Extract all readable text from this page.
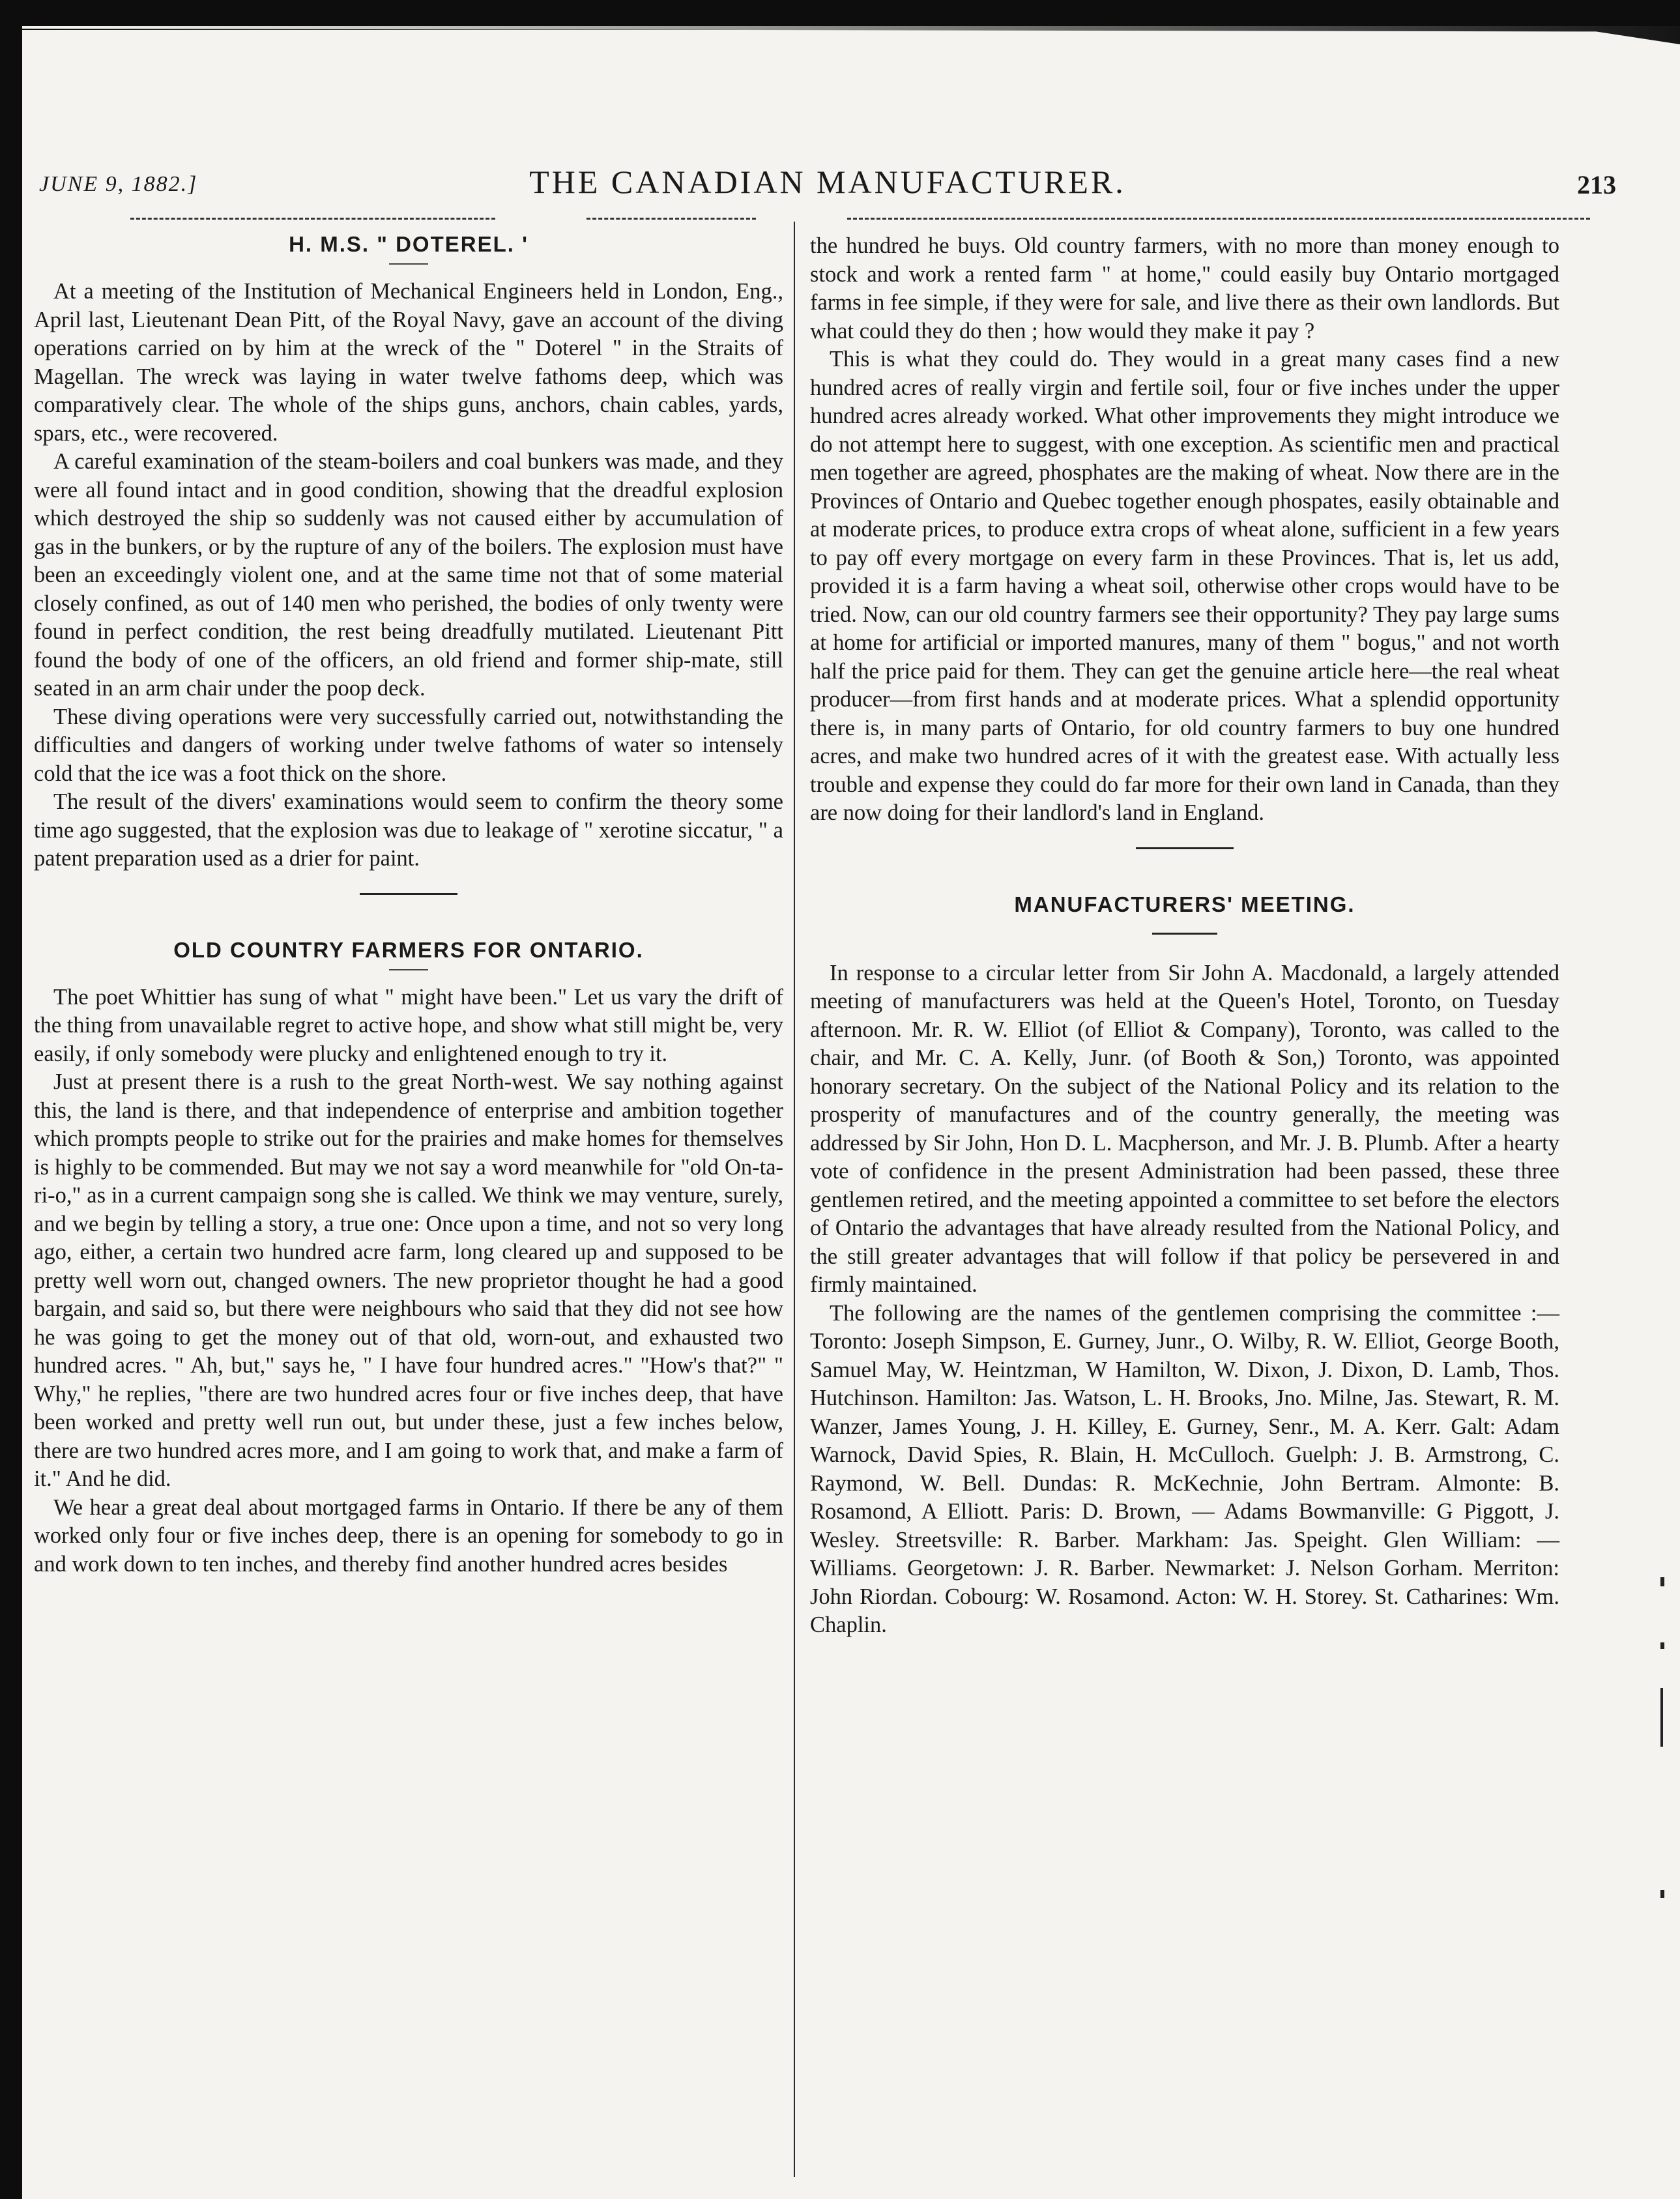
JUNE 9, 1882.]	THE CANADIAN MANUFACTURER.	213
H. M.S. " DOTEREL. '

At a meeting of the Institution of Mechanical Engineers held in London, Eng., April last, Lieutenant Dean Pitt, of the Royal Navy, gave an account of the diving operations carried on by him at the wreck of the " Doterel " in the Straits of Magellan. The wreck was laying in water twelve fathoms deep, which was comparatively clear. The whole of the ships guns, anchors, chain cables, yards, spars, etc., were recovered.

A careful examination of the steam-boilers and coal bunkers was made, and they were all found intact and in good condition, showing that the dreadful explosion which destroyed the ship so suddenly was not caused either by accumulation of gas in the bunkers, or by the rupture of any of the boilers. The explosion must have been an exceedingly violent one, and at the same time not that of some material closely confined, as out of 140 men who perished, the bodies of only twenty were found in perfect condition, the rest being dreadfully mutilated. Lieutenant Pitt found the body of one of the officers, an old friend and former ship-mate, still seated in an arm chair under the poop deck.

These diving operations were very successfully carried out, notwithstanding the difficulties and dangers of working under twelve fathoms of water so intensely cold that the ice was a foot thick on the shore.

The result of the divers' examinations would seem to confirm the theory some time ago suggested, that the explosion was due to leakage of " xerotine siccatur, " a patent preparation used as a drier for paint.

OLD COUNTRY FARMERS FOR ONTARIO.

The poet Whittier has sung of what " might have been." Let us vary the drift of the thing from unavailable regret to active hope, and show what still might be, very easily, if only somebody were plucky and enlightened enough to try it.

Just at present there is a rush to the great North-west. We say nothing against this, the land is there, and that independence of enterprise and ambition together which prompts people to strike out for the prairies and make homes for themselves is highly to be commended. But may we not say a word meanwhile for "old On-ta-ri-o," as in a current campaign song she is called. We think we may venture, surely, and we begin by telling a story, a true one: Once upon a time, and not so very long ago, either, a certain two hundred acre farm, long cleared up and supposed to be pretty well worn out, changed owners. The new proprietor thought he had a good bargain, and said so, but there were neighbours who said that they did not see how he was going to get the money out of that old, worn-out, and exhausted two hundred acres. " Ah, but," says he, " I have four hundred acres." "How's that?" " Why," he replies, "there are two hundred acres four or five inches deep, that have been worked and pretty well run out, but under these, just a few inches below, there are two hundred acres more, and I am going to work that, and make a farm of it." And he did.

We hear a great deal about mortgaged farms in Ontario. If there be any of them worked only four or five inches deep, there is an opening for somebody to go in and work down to ten inches, and thereby find another hundred acres besides

the hundred he buys. Old country farmers, with no more than money enough to stock and work a rented farm " at home," could easily buy Ontario mortgaged farms in fee simple, if they were for sale, and live there as their own landlords. But what could they do then ; how would they make it pay ?

This is what they could do. They would in a great many cases find a new hundred acres of really virgin and fertile soil, four or five inches under the upper hundred acres already worked. What other improvements they might introduce we do not attempt here to suggest, with one exception. As scientific men and practical men together are agreed, phosphates are the making of wheat. Now there are in the Provinces of Ontario and Quebec together enough phospates, easily obtainable and at moderate prices, to produce extra crops of wheat alone, sufficient in a few years to pay off every mortgage on every farm in these Provinces. That is, let us add, provided it is a farm having a wheat soil, otherwise other crops would have to be tried. Now, can our old country farmers see their opportunity? They pay large sums at home for artificial or imported manures, many of them " bogus," and not worth half the price paid for them. They can get the genuine article here—the real wheat producer—from first hands and at moderate prices. What a splendid opportunity there is, in many parts of Ontario, for old country farmers to buy one hundred acres, and make two hundred acres of it with the greatest ease. With actually less trouble and expense they could do far more for their own land in Canada, than they are now doing for their landlord's land in England.

MANUFACTURERS' MEETING.

In response to a circular letter from Sir John A. Macdonald, a largely attended meeting of manufacturers was held at the Queen's Hotel, Toronto, on Tuesday afternoon. Mr. R. W. Elliot (of Elliot & Company), Toronto, was called to the chair, and Mr. C. A. Kelly, Junr. (of Booth & Son,) Toronto, was appointed honorary secretary. On the subject of the National Policy and its relation to the prosperity of manufactures and of the country generally, the meeting was addressed by Sir John, Hon D. L. Macpherson, and Mr. J. B. Plumb. After a hearty vote of confidence in the present Administration had been passed, these three gentlemen retired, and the meeting appointed a committee to set before the electors of Ontario the advantages that have already resulted from the National Policy, and the still greater advantages that will follow if that policy be persevered in and firmly maintained.

The following are the names of the gentlemen comprising the committee :—Toronto: Joseph Simpson, E. Gurney, Junr., O. Wilby, R. W. Elliot, George Booth, Samuel May, W. Heintzman, W Hamilton, W. Dixon, J. Dixon, D. Lamb, Thos. Hutchinson. Hamilton: Jas. Watson, L. H. Brooks, Jno. Milne, Jas. Stewart, R. M. Wanzer, James Young, J. H. Killey, E. Gurney, Senr., M. A. Kerr. Galt: Adam Warnock, David Spies, R. Blain, H. McCulloch. Guelph: J. B. Armstrong, C. Raymond, W. Bell. Dundas: R. McKechnie, John Bertram. Almonte: B. Rosamond, A Elliott. Paris: D. Brown, — Adams Bowmanville: G Piggott, J. Wesley. Streetsville: R. Barber. Markham: Jas. Speight. Glen William: — Williams. Georgetown: J. R. Barber. Newmarket: J. Nelson Gorham. Merriton: John Riordan. Cobourg: W. Rosamond. Acton: W. H. Storey. St. Catharines: Wm. Chaplin.
